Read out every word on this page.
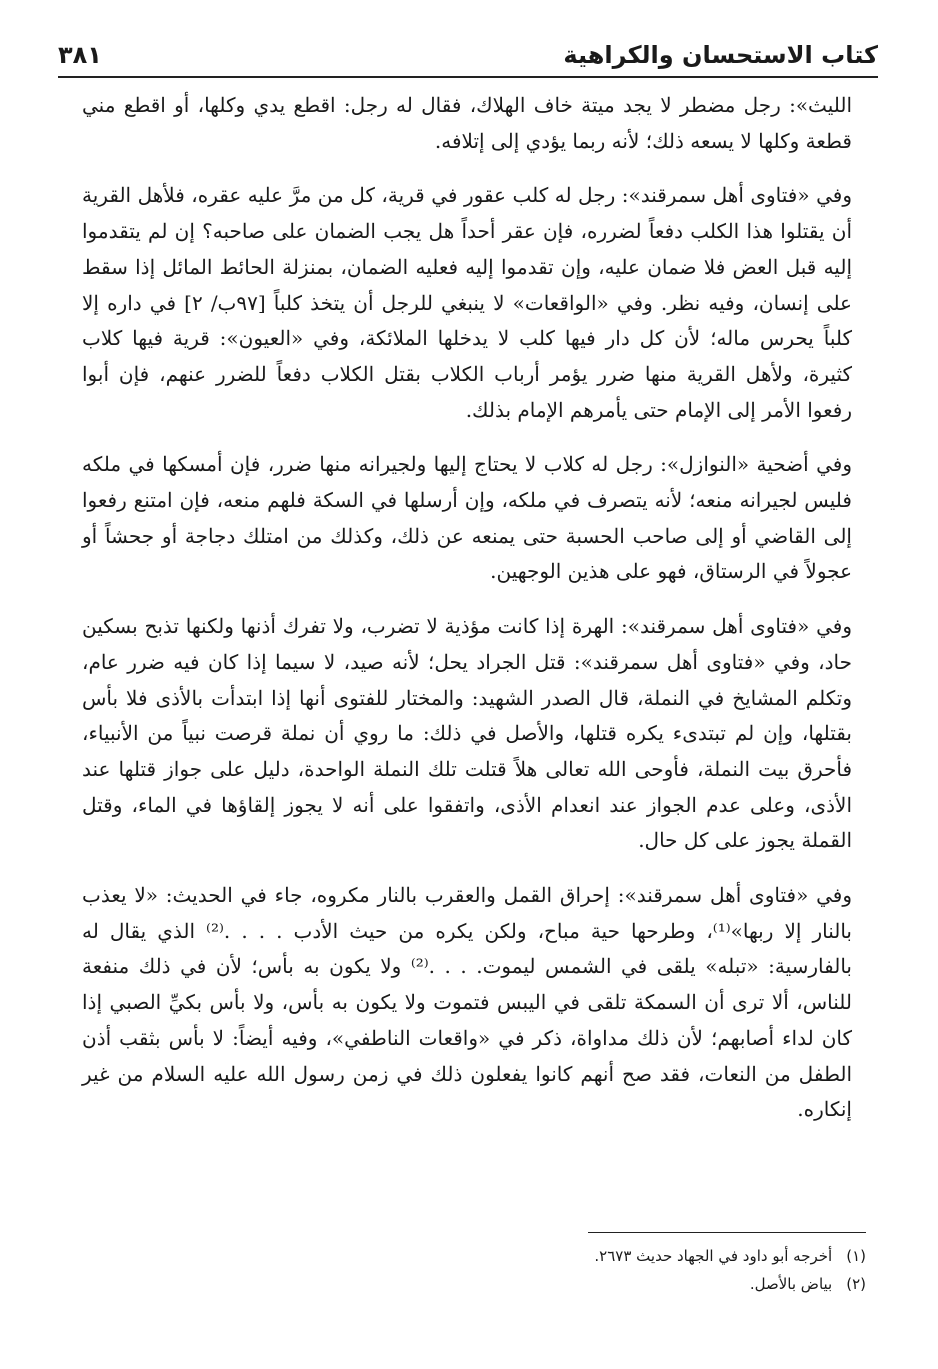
كتاب الاستحسان والكراهية
٣٨١

الليث»: رجل مضطر لا يجد ميتة خاف الهلاك، فقال له رجل: اقطع يدي وكلها، أو اقطع مني قطعة وكلها لا يسعه ذلك؛ لأنه ربما يؤدي إلى إتلافه.

وفي «فتاوى أهل سمرقند»: رجل له كلب عقور في قرية، كل من مرَّ عليه عقره، فلأهل القرية أن يقتلوا هذا الكلب دفعاً لضرره، فإن عقر أحداً هل يجب الضمان على صاحبه؟ إن لم يتقدموا إليه قبل العض فلا ضمان عليه، وإن تقدموا إليه فعليه الضمان، بمنزلة الحائط المائل إذا سقط على إنسان، وفيه نظر. وفي «الواقعات» لا ينبغي للرجل أن يتخذ كلباً [٩٧ب/ ٢] في داره إلا كلباً يحرس ماله؛ لأن كل دار فيها كلب لا يدخلها الملائكة، وفي «العيون»: قرية فيها كلاب كثيرة، ولأهل القرية منها ضرر يؤمر أرباب الكلاب بقتل الكلاب دفعاً للضرر عنهم، فإن أبوا رفعوا الأمر إلى الإمام حتى يأمرهم الإمام بذلك.

وفي أضحية «النوازل»: رجل له كلاب لا يحتاج إليها ولجيرانه منها ضرر، فإن أمسكها في ملكه فليس لجيرانه منعه؛ لأنه يتصرف في ملكه، وإن أرسلها في السكة فلهم منعه، فإن امتنع رفعوا إلى القاضي أو إلى صاحب الحسبة حتى يمنعه عن ذلك، وكذلك من امتلك دجاجة أو جحشاً أو عجولاً في الرستاق، فهو على هذين الوجهين.

وفي «فتاوى أهل سمرقند»: الهرة إذا كانت مؤذية لا تضرب، ولا تفرك أذنها ولكنها تذبح بسكين حاد، وفي «فتاوى أهل سمرقند»: قتل الجراد يحل؛ لأنه صيد، لا سيما إذا كان فيه ضرر عام، وتكلم المشايخ في النملة، قال الصدر الشهيد: والمختار للفتوى أنها إذا ابتدأت بالأذى فلا بأس بقتلها، وإن لم تبتدىء يكره قتلها، والأصل في ذلك: ما روي أن نملة قرصت نبياً من الأنبياء، فأحرق بيت النملة، فأوحى الله تعالى هلاً قتلت تلك النملة الواحدة، دليل على جواز قتلها عند الأذى، وعلى عدم الجواز عند انعدام الأذى، واتفقوا على أنه لا يجوز إلقاؤها في الماء، وقتل القملة يجوز على كل حال.

وفي «فتاوى أهل سمرقند»: إحراق القمل والعقرب بالنار مكروه، جاء في الحديث: «لا يعذب بالنار إلا ربها»⁽¹⁾، وطرحها حية مباح، ولكن يكره من حيث الأدب . . . .⁽²⁾ الذي يقال له بالفارسية: «تبله» يلقى في الشمس ليموت. . . .⁽²⁾ ولا يكون به بأس؛ لأن في ذلك منفعة للناس، ألا ترى أن السمكة تلقى في اليبس فتموت ولا يكون به بأس، ولا بأس بكيِّ الصبي إذا كان لداء أصابهم؛ لأن ذلك مداواة، ذكر في «واقعات الناطفي»، وفيه أيضاً: لا بأس بثقب أذن الطفل من النعات، فقد صح أنهم كانوا يفعلون ذلك في زمن رسول الله عليه السلام من غير إنكاره.

(١)
أخرجه أبو داود في الجهاد حديث ٢٦٧٣.
(٢)
بياض بالأصل.
